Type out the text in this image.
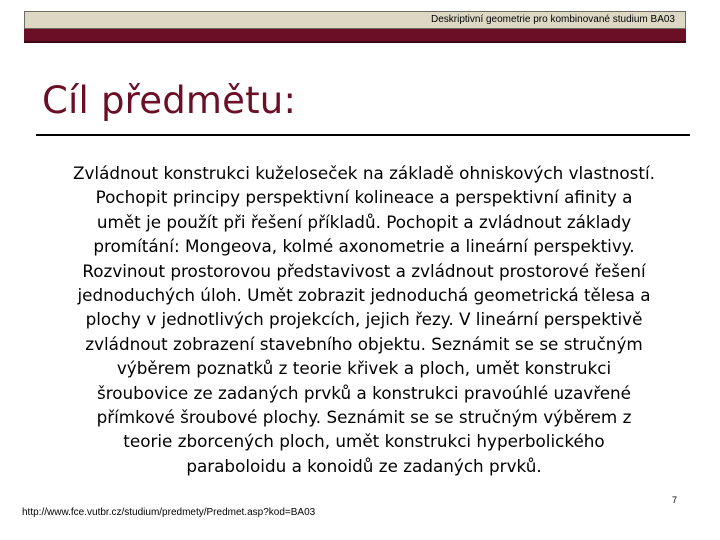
Deskriptivní geometrie pro kombinované studium BA03
Cíl předmětu:

Zvládnout konstrukci kuželoseček na základě ohniskových vlastností. Pochopit principy perspektivní kolineace a perspektivní afinity a umět je použít při řešení příkladů. Pochopit a zvládnout základy promítání: Mongeova, kolmé axonometrie a lineární perspektivy. Rozvinout prostorovou představivost a zvládnout prostorové řešení jednoduchých úloh. Umět zobrazit jednoduchá geometrická tělesa a plochy v jednotlivých projekcích, jejich řezy. V lineární perspektivě zvládnout zobrazení stavebního objektu. Seznámit se se stručným výběrem poznatků z teorie křivek a ploch, umět konstrukci šroubovice ze zadaných prvků a konstrukci pravoúhlé uzavřené přímkové šroubové plochy. Seznámit se se stručným výběrem z teorie zborcených ploch, umět konstrukci hyperbolického paraboloidu a konoidů ze zadaných prvků.

http://www.fce.vutbr.cz/studium/predmety/Predmet.asp?kod=BA03
7
